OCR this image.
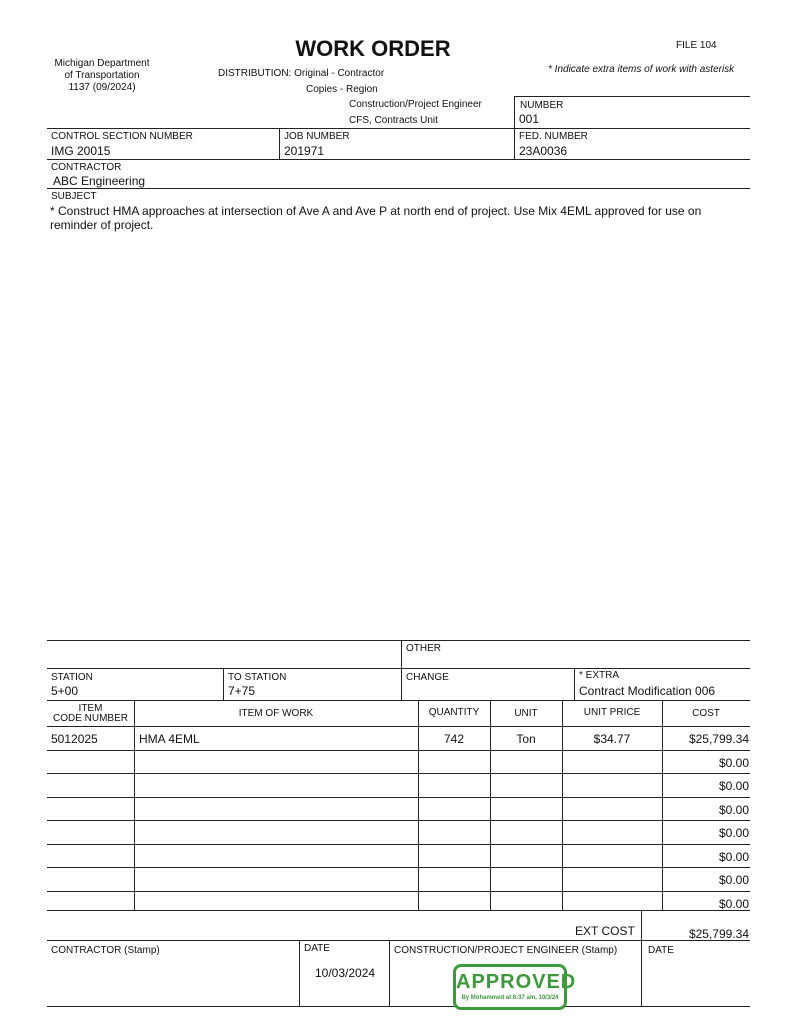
Michigan Department
of Transportation
1137 (09/2024)
WORK ORDER	FILE 104
* Indicate extra items of work with asterisk
DISTRIBUTION: Original - Contractor
Copies - Region
Construction/Project Engineer
CFS, Contracts Unit
NUMBER
001
CONTROL SECTION NUMBER
IMG 20015
JOB NUMBER
201971
FED. NUMBER
23A0036
CONTRACTOR
ABC Engineering
SUBJECT
* Construct HMA approaches at intersection of Ave A and Ave P at north end of project. Use Mix 4EML approved for use on reminder of project.
OTHER
STATION
5+00
TO STATION
7+75
CHANGE	* EXTRA
Contract Modification 006
ITEM
CODE NUMBER	ITEM OF WORK	QUANTITY	UNIT	UNIT PRICE	COST
5012025	HMA 4EML	742	Ton	$34.77	$25,799.34
$0.00
$0.00
$0.00
$0.00
$0.00
$0.00
$0.00
EXT COST	$25,799.34
CONTRACTOR (Stamp)	DATE
10/03/2024
CONSTRUCTION/PROJECT ENGINEER (Stamp)	DATE
APPROVED
By Mohammed at 8:37 am, 10/3/24
